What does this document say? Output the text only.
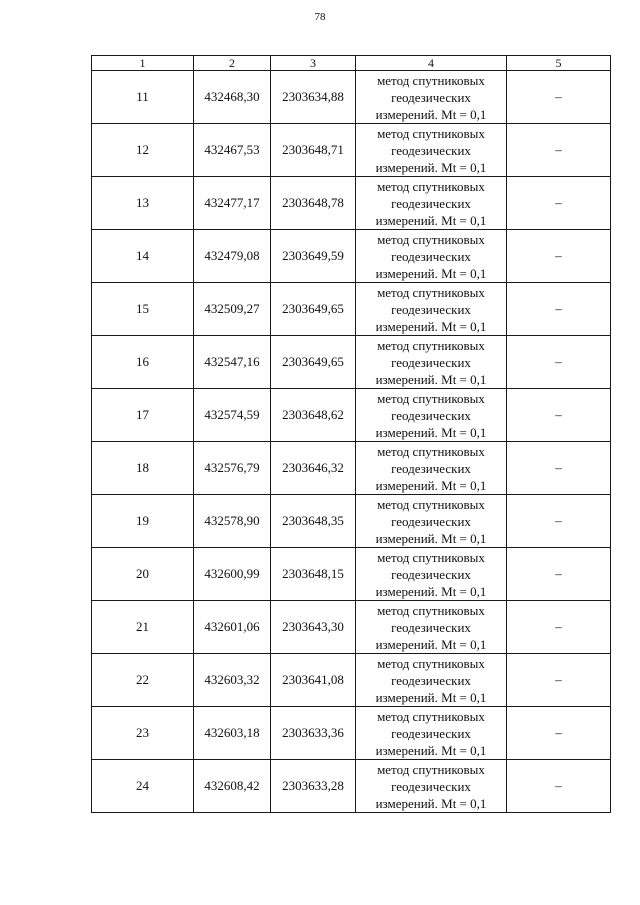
78
1	2	3	4	5
11	432468,30	2303634,88	метод спутниковых
геодезических
измерений. Mt = 0,1	–
12	432467,53	2303648,71	метод спутниковых
геодезических
измерений. Mt = 0,1	–
13	432477,17	2303648,78	метод спутниковых
геодезических
измерений. Mt = 0,1	–
14	432479,08	2303649,59	метод спутниковых
геодезических
измерений. Mt = 0,1	–
15	432509,27	2303649,65	метод спутниковых
геодезических
измерений. Mt = 0,1	–
16	432547,16	2303649,65	метод спутниковых
геодезических
измерений. Mt = 0,1	–
17	432574,59	2303648,62	метод спутниковых
геодезических
измерений. Mt = 0,1	–
18	432576,79	2303646,32	метод спутниковых
геодезических
измерений. Mt = 0,1	–
19	432578,90	2303648,35	метод спутниковых
геодезических
измерений. Mt = 0,1	–
20	432600,99	2303648,15	метод спутниковых
геодезических
измерений. Mt = 0,1	–
21	432601,06	2303643,30	метод спутниковых
геодезических
измерений. Mt = 0,1	–
22	432603,32	2303641,08	метод спутниковых
геодезических
измерений. Mt = 0,1	–
23	432603,18	2303633,36	метод спутниковых
геодезических
измерений. Mt = 0,1	–
24	432608,42	2303633,28	метод спутниковых
геодезических
измерений. Mt = 0,1	–
